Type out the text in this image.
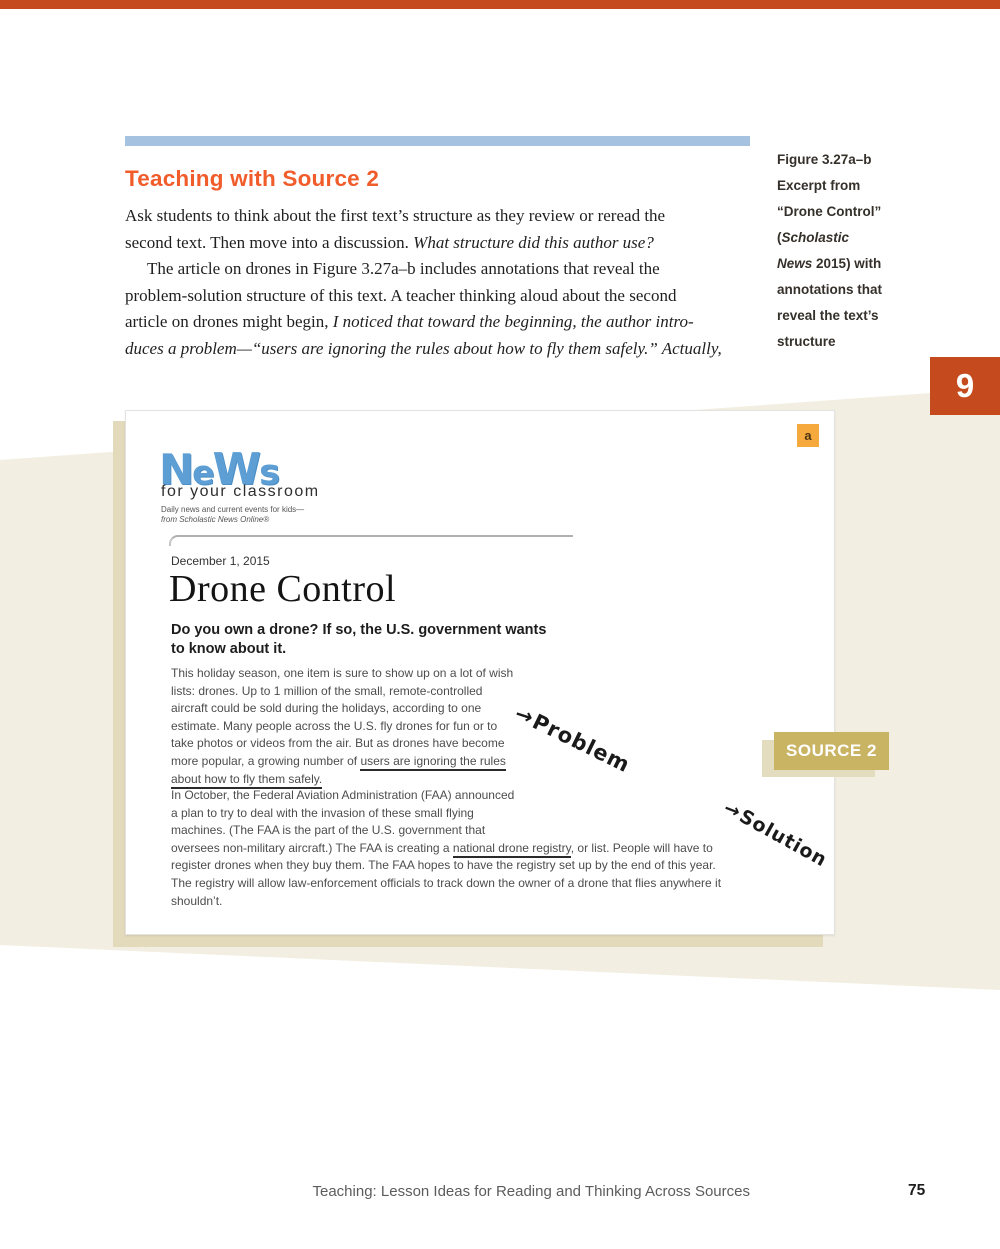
Teaching with Source 2
Ask students to think about the first text’s structure as they review or reread the
second text. Then move into a discussion. What structure did this author use?
The article on drones in Figure 3.27a–b includes annotations that reveal the
problem-solution structure of this text. A teacher thinking aloud about the second
article on drones might begin, I noticed that toward the beginning, the author intro-
duces a problem—“users are ignoring the rules about how to fly them safely.” Actually,
Figure 3.27a–b
Excerpt from
“Drone Control”
(Scholastic
News 2015) with
annotations that
reveal the text’s
structure
9
NeWs
for your classroom
Daily news and current events for kids—
from Scholastic News Online®
December 1, 2015
Drone Control
Do you own a drone? If so, the U.S. government wants
to know about it.
This holiday season, one item is sure to show up on a lot of wish
lists: drones. Up to 1 million of the small, remote-controlled
aircraft could be sold during the holidays, according to one
estimate. Many people across the U.S. fly drones for fun or to
take photos or videos from the air. But as drones have become
more popular, a growing number of users are ignoring the rules
about how to fly them safely.
→Problem
In October, the Federal Aviation Administration (FAA) announced
a plan to try to deal with the invasion of these small flying
machines. (The FAA is the part of the U.S. government that
oversees non-military aircraft.) The FAA is creating a national drone registry, or list. People will have to
register drones when they buy them. The FAA hopes to have the registry set up by the end of this year.
The registry will allow law-enforcement officials to track down the owner of a drone that flies anywhere it
shouldn’t.
→Solution
a
SOURCE 2
Teaching: Lesson Ideas for Reading and Thinking Across Sources	75
